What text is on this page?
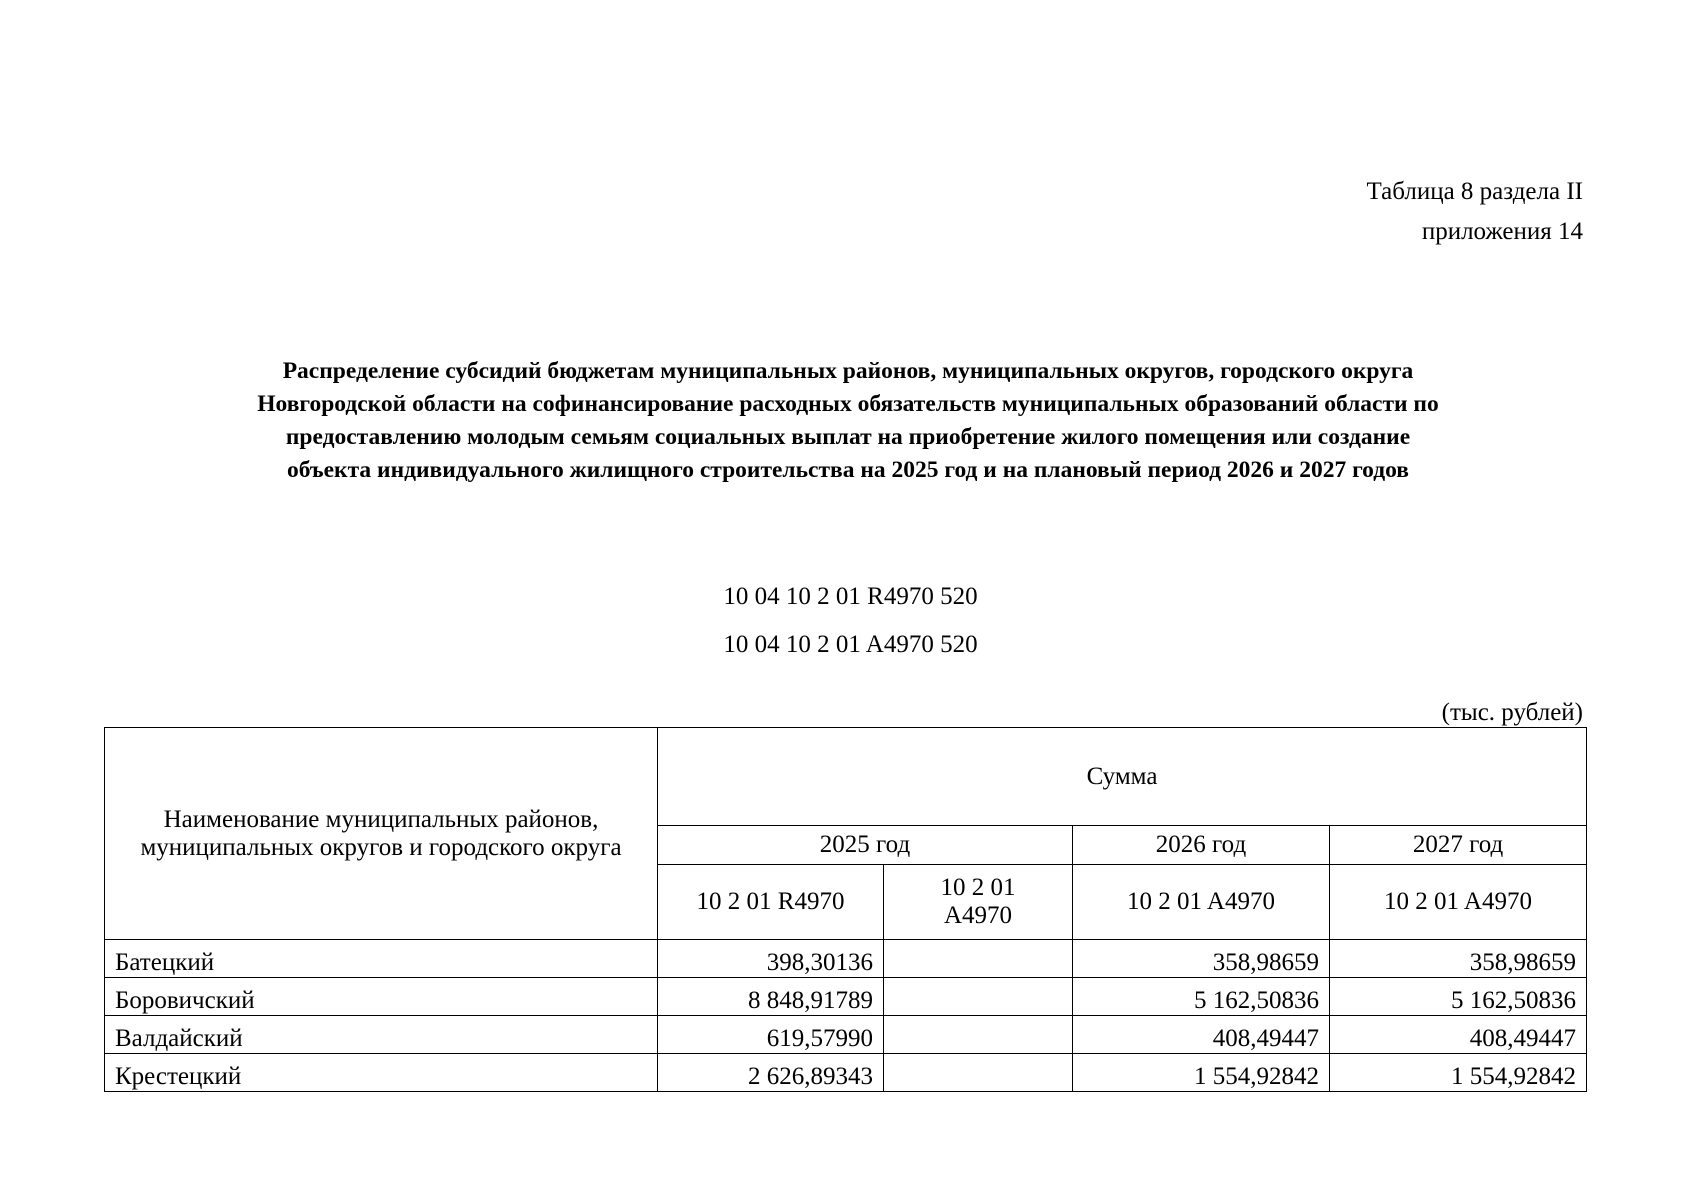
Таблица 8 раздела II
приложения 14
Распределение субсидий бюджетам муниципальных районов, муниципальных округов, городского округа
Новгородской области на софинансирование расходных обязательств муниципальных образований области по
предоставлению молодым семьям социальных выплат на приобретение жилого помещения или создание
объекта индивидуального жилищного строительства на 2025 год и на плановый период 2026 и 2027 годов
10 04 10 2 01 R4970 520
10 04 10 2 01 A4970 520
(тыс. рублей)
Наименование муниципальных районов, муниципальных округов и городского округа	Сумма			
	2025 год		2026 год	2027 год
	10 2 01 R4970	10 2 01 A4970	10 2 01 A4970	10 2 01 A4970
Батецкий	398,30136		358,98659	358,98659
Боровичский	8 848,91789		5 162,50836	5 162,50836
Валдайский	619,57990		408,49447	408,49447
Крестецкий	2 626,89343		1 554,92842	1 554,92842
